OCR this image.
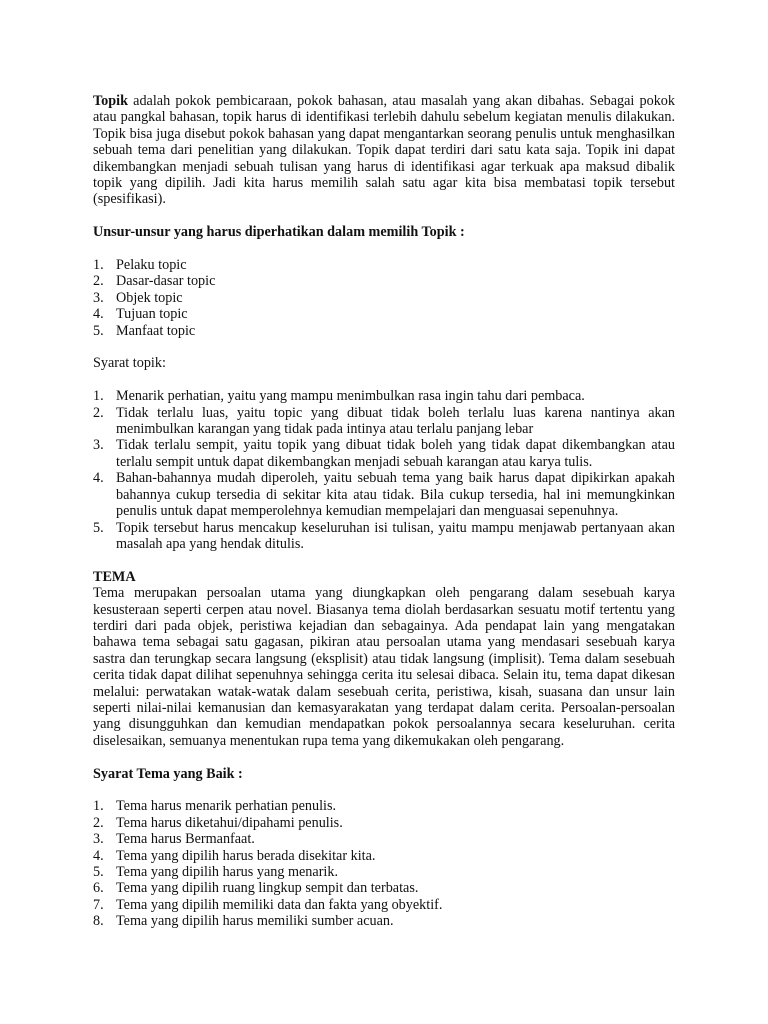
Topik adalah pokok pembicaraan, pokok bahasan, atau masalah yang akan dibahas. Sebagai pokok atau pangkal bahasan, topik harus di identifikasi terlebih dahulu sebelum kegiatan menulis dilakukan. Topik bisa juga disebut pokok bahasan yang dapat mengantarkan seorang penulis untuk menghasilkan sebuah tema dari penelitian yang dilakukan. Topik dapat terdiri dari satu kata saja. Topik ini dapat dikembangkan menjadi sebuah tulisan yang harus di identifikasi agar terkuak apa maksud dibalik topik yang dipilih. Jadi kita harus memilih salah satu agar kita bisa membatasi topik tersebut (spesifikasi).

Unsur-unsur yang harus diperhatikan dalam memilih Topik :

1. Pelaku topic
2. Dasar-dasar topic
3. Objek topic
4. Tujuan topic
5. Manfaat topic

Syarat topik:

1. Menarik perhatian, yaitu yang mampu menimbulkan rasa ingin tahu dari pembaca.
2. Tidak terlalu luas, yaitu topic yang dibuat tidak boleh terlalu luas karena nantinya akan menimbulkan karangan yang tidak pada intinya atau terlalu panjang lebar
3. Tidak terlalu sempit, yaitu topik yang dibuat tidak boleh yang tidak dapat dikembangkan atau terlalu sempit untuk dapat dikembangkan menjadi sebuah karangan atau karya tulis.
4. Bahan-bahannya mudah diperoleh, yaitu sebuah tema yang baik harus dapat dipikirkan apakah bahannya cukup tersedia di sekitar kita atau tidak. Bila cukup tersedia, hal ini memungkinkan penulis untuk dapat memperolehnya kemudian mempelajari dan menguasai sepenuhnya.
5. Topik tersebut harus mencakup keseluruhan isi tulisan, yaitu mampu menjawab pertanyaan akan masalah apa yang hendak ditulis.

TEMA

Tema merupakan persoalan utama yang diungkapkan oleh pengarang dalam sesebuah karya kesusteraan seperti cerpen atau novel. Biasanya tema diolah berdasarkan sesuatu motif tertentu yang terdiri dari pada objek, peristiwa kejadian dan sebagainya. Ada pendapat lain yang mengatakan bahawa tema sebagai satu gagasan, pikiran atau persoalan utama yang mendasari sesebuah karya sastra dan terungkap secara langsung (eksplisit) atau tidak langsung (implisit). Tema dalam sesebuah cerita tidak dapat dilihat sepenuhnya sehingga cerita itu selesai dibaca. Selain itu, tema dapat dikesan melalui: perwatakan watak-watak dalam sesebuah cerita, peristiwa, kisah, suasana dan unsur lain seperti nilai-nilai kemanusian dan kemasyarakatan yang terdapat dalam cerita. Persoalan-persoalan yang disungguhkan dan kemudian mendapatkan pokok persoalannya secara keseluruhan. cerita diselesaikan, semuanya menentukan rupa tema yang dikemukakan oleh pengarang.

Syarat Tema yang Baik :

1. Tema harus menarik perhatian penulis.
2. Tema harus diketahui/dipahami penulis.
3. Tema harus Bermanfaat.
4. Tema yang dipilih harus berada disekitar kita.
5. Tema yang dipilih harus yang menarik.
6. Tema yang dipilih ruang lingkup sempit dan terbatas.
7. Tema yang dipilih memiliki data dan fakta yang obyektif.
8. Tema yang dipilih harus memiliki sumber acuan.
